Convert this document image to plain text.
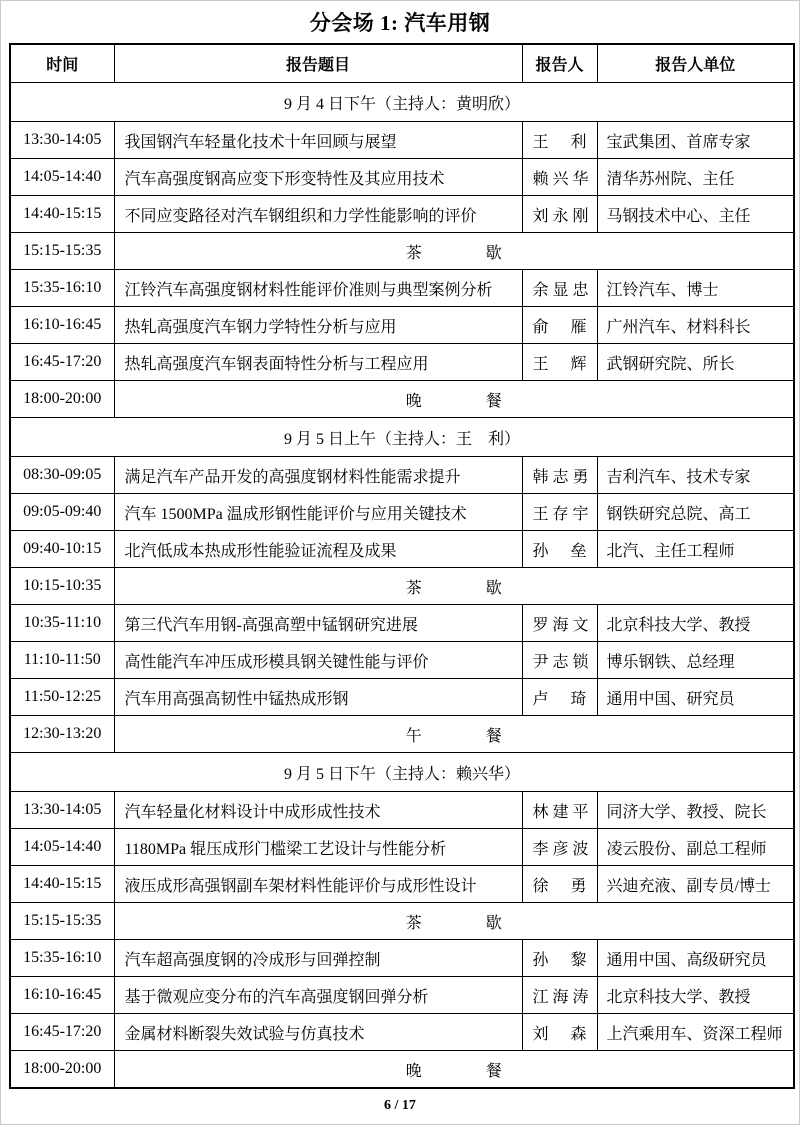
分会场 1: 汽车用钢
时间	报告题目	报告人	报告人单位
9 月 4 日下午（主持人：黄明欣）			
13:30-14:05	我国钢汽车轻量化技术十年回顾与展望	王 利	宝武集团、首席专家
14:05-14:40	汽车高强度钢高应变下形变特性及其应用技术	赖 兴 华	清华苏州院、主任
14:40-15:15	不同应变路径对汽车钢组织和力学性能影响的评价	刘 永 刚	马钢技术中心、主任
15:15-15:35	茶　　　　歇		
15:35-16:10	江铃汽车高强度钢材料性能评价准则与典型案例分析	余 显 忠	江铃汽车、博士
16:10-16:45	热轧高强度汽车钢力学特性分析与应用	俞 雁	广州汽车、材料科长
16:45-17:20	热轧高强度汽车钢表面特性分析与工程应用	王 辉	武钢研究院、所长
18:00-20:00	晚　　　　餐		
9 月 5 日上午（主持人：王　利）			
08:30-09:05	满足汽车产品开发的高强度钢材料性能需求提升	韩 志 勇	吉利汽车、技术专家
09:05-09:40	汽车 1500MPa 温成形钢性能评价与应用关键技术	王 存 宇	钢铁研究总院、高工
09:40-10:15	北汽低成本热成形性能验证流程及成果	孙 垒	北汽、主任工程师
10:15-10:35	茶　　　　歇		
10:35-11:10	第三代汽车用钢-高强高塑中锰钢研究进展	罗 海 文	北京科技大学、教授
11:10-11:50	高性能汽车冲压成形模具钢关键性能与评价	尹 志 锁	博乐钢铁、总经理
11:50-12:25	汽车用高强高韧性中锰热成形钢	卢 琦	通用中国、研究员
12:30-13:20	午　　　　餐		
9 月 5 日下午（主持人：赖兴华）			
13:30-14:05	汽车轻量化材料设计中成形成性技术	林 建 平	同济大学、教授、院长
14:05-14:40	1180MPa 辊压成形门槛梁工艺设计与性能分析	李 彦 波	凌云股份、副总工程师
14:40-15:15	液压成形高强钢副车架材料性能评价与成形性设计	徐 勇	兴迪充液、副专员/博士
15:15-15:35	茶　　　　歇		
15:35-16:10	汽车超高强度钢的冷成形与回弹控制	孙 黎	通用中国、高级研究员
16:10-16:45	基于微观应变分布的汽车高强度钢回弹分析	江 海 涛	北京科技大学、教授
16:45-17:20	金属材料断裂失效试验与仿真技术	刘 森	上汽乘用车、资深工程师
18:00-20:00	晚　　　　餐		
6 / 17
